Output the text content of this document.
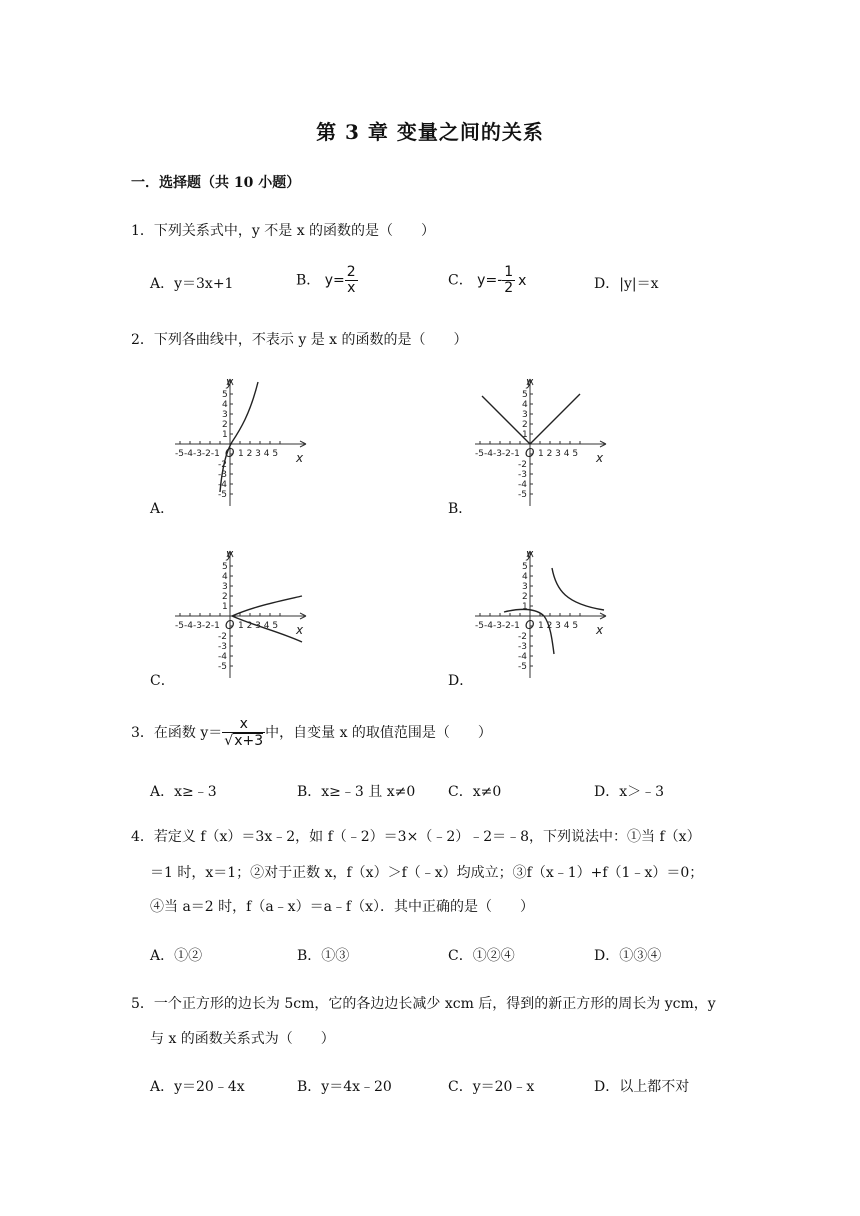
第 3 章 变量之间的关系
一．选择题（共 10 小题）
1．下列关系式中，y 不是 x 的函数的是（　　）
A．y＝3x+1	B． $y= \frac{2}{x}$	C． $y=- \frac{1}{2}$ x	D．|y|＝x
2．下列各曲线中，不表示 y 是 x 的函数的是（　　）
y
x
-5-4-3-2-1 O 1 2 3 4 5
5
4
3
2
1
-2
-3
-4
-5
A．
y
x
-5-4-3-2-1 O 1 2 3 4 5
5
4
3
2
1
-2
-3
-4
-5
B．
y
x
-5-4-3-2-1 O 1 2 3 4 5
5
4
3
2
1
-2
-3
-4
-5
C．
y
x
-5-4-3-2-1 O 1 2 3 4 5
5
4
3
2
1
-2
-3
-4
-5
D．
3．在函数 $y= \frac{x}{√x+3}$ 中，自变量 x 的取值范围是（　　）
A．x≥﹣3	B．x≥﹣3 且 x≠0 C．x≠0	D．x＞﹣3
4．若定义 f（x）＝3x﹣2，如 f（﹣2）＝3×（﹣2）﹣2＝﹣8，下列说法中：①当 f（x）
＝1 时，x＝1；②对于正数 x，f（x）＞f（﹣x）均成立；③f（x﹣1）+f（1﹣x）＝0；
④当 a＝2 时，f（a﹣x）＝a﹣f（x）．其中正确的是（　　）
A．①②	B．①③	C．①②④	D．①③④
5．一个正方形的边长为 5cm，它的各边边长减少 xcm 后，得到的新正方形的周长为 ycm，y
与 x 的函数关系式为（　　）
A．y＝20﹣4x	B．y＝4x﹣20	C．y＝20﹣x	D．以上都不对
